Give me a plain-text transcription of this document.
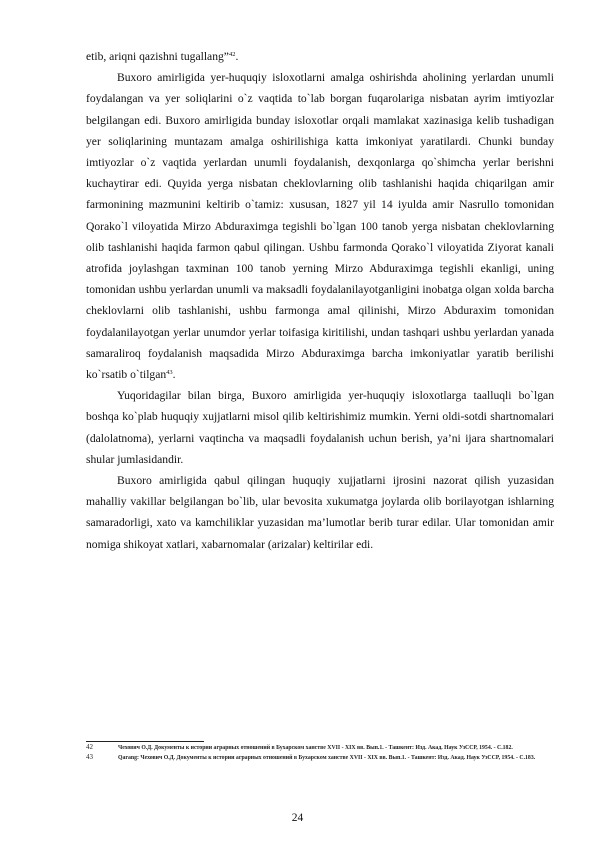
etib, ariqni qazishni tugallang”$^{42}$.

Buxoro amirligida yer-huquqiy isloxotlarni amalga oshirishda aholining yerlardan unumli foydalangan va yer soliqlarini o`z vaqtida to`lab borgan fuqarolariga nisbatan ayrim imtiyozlar belgilangan edi. Buxoro amirligida bunday isloxotlar orqali mamlakat xazinasiga kelib tushadigan yer soliqlarining muntazam amalga oshirilishiga katta imkoniyat yaratilardi. Chunki bunday imtiyozlar o`z vaqtida yerlardan unumli foydalanish, dexqonlarga qo`shimcha yerlar berishni kuchaytirar edi. Quyida yerga nisbatan cheklovlarning olib tashlanishi haqida chiqarilgan amir farmonining mazmunini keltirib o`tamiz: xususan, 1827 yil 14 iyulda amir Nasrullo tomonidan Qorako`l viloyatida Mirzo Abduraximga tegishli bo`lgan 100 tanob yerga nisbatan cheklovlarning olib tashlanishi haqida farmon qabul qilingan. Ushbu farmonda Qorako`l viloyatida Ziyorat kanali atrofida joylashgan taxminan 100 tanob yerning Mirzo Abduraximga tegishli ekanligi, uning tomonidan ushbu yerlardan unumli va maksadli foydalanilayotganligini inobatga olgan xolda barcha cheklovlarni olib tashlanishi, ushbu farmonga amal qilinishi, Mirzo Abduraxim tomonidan foydalanilayotgan yerlar unumdor yerlar toifasiga kiritilishi, undan tashqari ushbu yerlardan yanada samaraliroq foydalanish maqsadida Mirzo Abduraximga barcha imkoniyatlar yaratib berilishi ko`rsatib o`tilgan$^{43}$.

Yuqoridagilar bilan birga, Buxoro amirligida yer-huquqiy isloxotlarga taalluqli bo`lgan boshqa ko`plab huquqiy xujjatlarni misol qilib keltirishimiz mumkin. Yerni oldi-sotdi shartnomalari (dalolatnoma), yerlarni vaqtincha va maqsadli foydalanish uchun berish, ya’ni ijara shartnomalari shular jumlasidandir.

Buxoro amirligida qabul qilingan huquqiy xujjatlarni ijrosini nazorat qilish yuzasidan mahalliy vakillar belgilangan bo`lib, ular bevosita xukumatga joylarda olib borilayotgan ishlarning samaradorligi, xato va kamchiliklar yuzasidan ma’lumotlar berib turar edilar. Ular tomonidan amir nomiga shikoyat xatlari, xabarnomalar (arizalar) keltirilar edi.

42	Чехович О.Д. Документы к истории аграрных отношений в Бухарском ханстве XVII - XIX вв. Вып.1. - Ташкент: Изд. Акад. Наук УзССР, 1954. - С.182.

43	Qarang: Чехович О.Д. Документы к истории аграрных отношений в Бухарском ханстве XVII - XIX вв. Вып.1. - Ташкент: Изд. Акад. Наук УзССР, 1954. - С.183.

24
